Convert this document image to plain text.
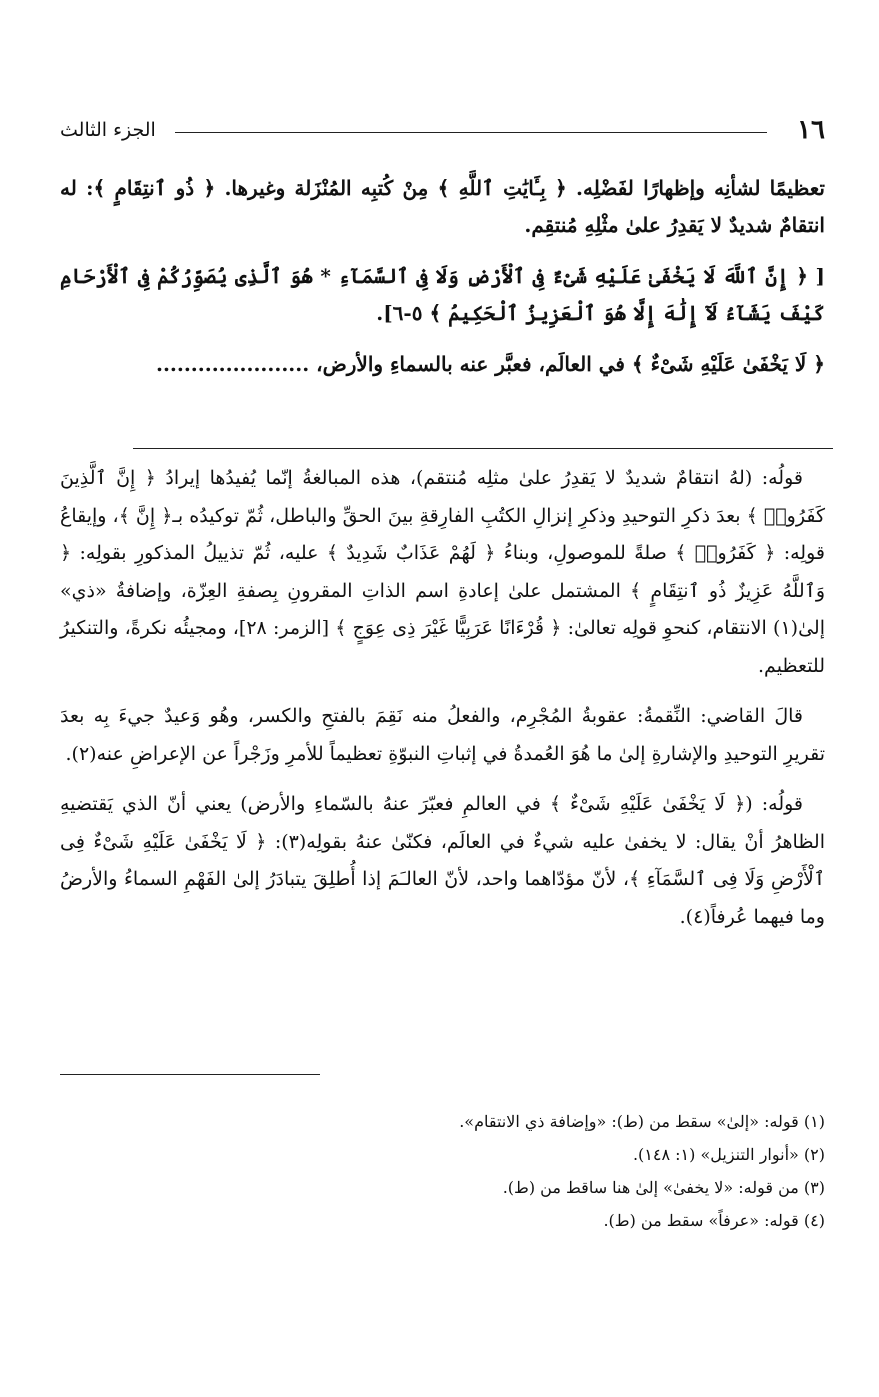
١٦
الجزء الثالث

تعظيمًا لشأنِه وإظهارًا لفَضْلِه. ﴿ بِـَٔايَٰتِ ٱللَّهِ ﴾ مِنْ كُتبِه المُنْزَلة وغيرها. ﴿ ذُو ٱنتِقَامٍ ﴾: له انتقامٌ شديدٌ لا يَقدِرُ علىٰ مثْلِهِ مُنتقِم.

[ ﴿ إِنَّ ٱللَّهَ لَا يَخْفَىٰ عَلَيْهِ شَىْءٌ فِى ٱلْأَرْضِ وَلَا فِى ٱلسَّمَآءِ * هُوَ ٱلَّذِى يُصَوِّرُكُمْ فِى ٱلْأَرْحَامِ كَيْفَ يَشَآءُ لَآ إِلَٰهَ إِلَّا هُوَ ٱلْعَزِيزُ ٱلْحَكِيمُ ﴾ ٥-٦].

﴿ لَا يَخْفَىٰ عَلَيْهِ شَىْءٌ ﴾ في العالَم، فعبَّر عنه بالسماءِ والأرض، ......................

قولُه: (لهُ انتقامٌ شديدٌ لا يَقدِرُ علىٰ مثلِه مُنتقم)، هذه المبالغةُ إنّما يُفيدُها إيرادُ ﴿ إِنَّ ٱلَّذِينَ كَفَرُوا۟ ﴾ بعدَ ذكرِ التوحيدِ وذكرِ إنزالِ الكتُبِ الفارِقةِ بينَ الحقِّ والباطل، ثُمّ توكيدُه بـ﴿ إِنَّ ﴾، وإيقاعُ قولِه: ﴿ كَفَرُوا۟ ﴾ صلةً للموصولِ، وبناءُ ﴿ لَهُمْ عَذَابٌ شَدِيدٌ ﴾ عليه، ثُمّ تذييلُ المذكورِ بقولِه: ﴿ وَٱللَّهُ عَزِيزٌ ذُو ٱنتِقَامٍ ﴾ المشتمل علىٰ إعادةِ اسم الذاتِ المقرونِ بِصفةِ العِزّة، وإضافةُ «ذي» إلىٰ(١) الانتقام، كنحوِ قولِه تعالىٰ: ﴿ قُرْءَانًا عَرَبِيًّا غَيْرَ ذِى عِوَجٍ ﴾ [الزمر: ٢٨]، ومجيئُه نكرةً، والتنكيرُ للتعظيم.

قالَ القاضي: النِّقمةُ: عقوبةُ المُجْرِم، والفعلُ منه نَقِمَ بالفتحِ والكسر، وهُو وَعيدٌ جيءَ بِه بعدَ تقريرِ التوحيدِ والإشارةِ إلىٰ ما هُوَ العُمدةُ في إثباتِ النبوّةِ تعظيماً للأمرِ وزَجْراً عن الإعراضِ عنه(٢).

قولُه: (﴿ لَا يَخْفَىٰ عَلَيْهِ شَىْءٌ ﴾ في العالمِ فعبّرَ عنهُ بالسّماءِ والأرض) يعني أنّ الذي يَقتضيهِ الظاهرُ أنْ يقال: لا يخفىٰ عليه شيءٌ في العالَم، فكنّىٰ عنهُ بقولِه(٣): ﴿ لَا يَخْفَىٰ عَلَيْهِ شَىْءٌ فِى ٱلْأَرْضِ وَلَا فِى ٱلسَّمَآءِ ﴾، لأنّ مؤدّاهما واحد، لأنّ العالـَمَ إذا أُطلِقَ يتبادَرُ إلىٰ الفَهْمِ السماءُ والأرضُ وما فيهما عُرفاً(٤).

(١) قوله: «إلىٰ» سقط من (ط): «وإضافة ذي الانتقام».
(٢) «أنوار التنزيل» (١: ١٤٨).
(٣) من قوله: «لا يخفىٰ» إلىٰ هنا ساقط من (ط).
(٤) قوله: «عرفاً» سقط من (ط).
